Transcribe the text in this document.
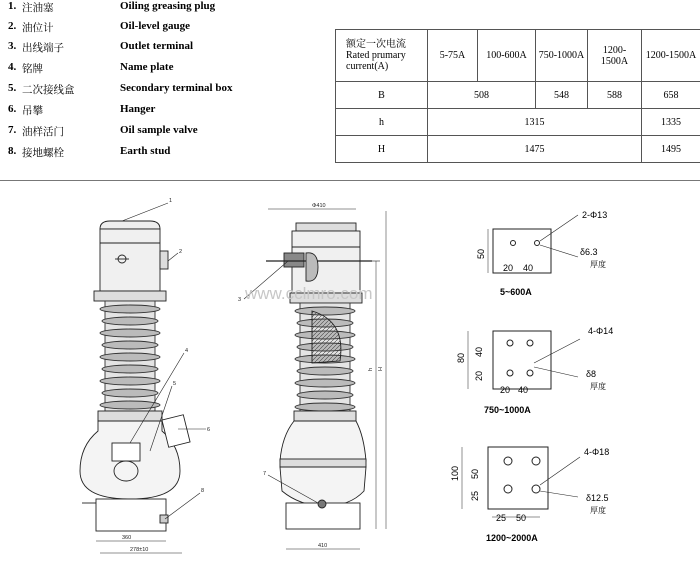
1. 注油塞	Oiling greasing plug
2. 油位计	Oil-level gauge
3. 出线端子	Outlet terminal
4. 铭牌	Name plate
5. 二次接线盒	Secondary terminal box
6. 吊攀	Hanger
7. 油样活门	Oil sample valve
8. 接地螺栓	Earth stud
额定一次电流
Rated prumary
current(A)	5-75A	100-600A	750-1000A	1200-1500A	1200-1500A
B	508		548	588	658
h	1315				1335
H	1475				1495
1
2
4
5
6
8
360
278±10
Φ410
3
7
h H
410
www.cclmro.com
2-Φ13
δ6.3
厚度
50
20 40
5~600A
4-Φ14
δ8
厚度
80
40
20
20 40
750~1000A
4-Φ18
δ12.5
厚度
100 50
25
25 50
1200~2000A
